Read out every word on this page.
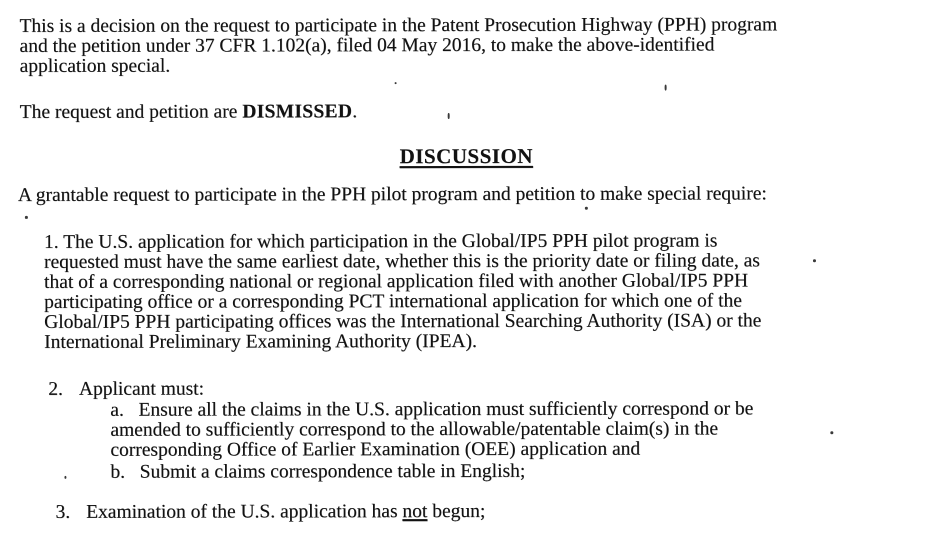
This is a decision on the request to participate in the Patent Prosecution Highway (PPH) program
and the petition under 37 CFR 1.102(a), filed 04 May 2016, to make the above-identified
application special.
The request and petition are DISMISSED.
DISCUSSION
A grantable request to participate in the PPH pilot program and petition to make special require:
1. The U.S. application for which participation in the Global/IP5 PPH pilot program is
requested must have the same earliest date, whether this is the priority date or filing date, as
that of a corresponding national or regional application filed with another Global/IP5 PPH
participating office or a corresponding PCT international application for which one of the
Global/IP5 PPH participating offices was the International Searching Authority (ISA) or the
International Preliminary Examining Authority (IPEA).
2. Applicant must:
a.   Ensure all the claims in the U.S. application must sufficiently correspond or be
amended to sufficiently correspond to the allowable/patentable claim(s) in the
corresponding Office of Earlier Examination (OEE) application and
b.   Submit a claims correspondence table in English;
3. Examination of the U.S. application has not begun;
